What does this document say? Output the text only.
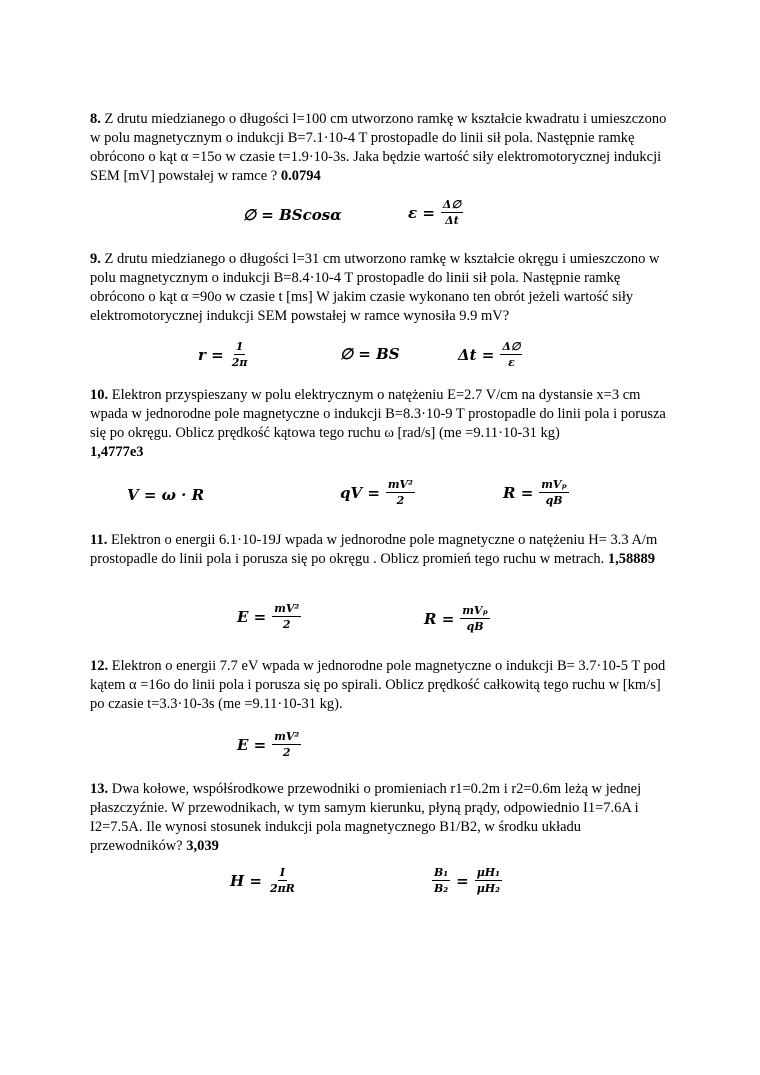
8. Z drutu miedzianego o długości l=100 cm utworzono ramkę w kształcie kwadratu i umieszczono w polu magnetycznym o indukcji B=7.1·10-4 T prostopadle do linii sił pola. Następnie ramkę obrócono o kąt α =15o w czasie t=1.9·10-3s. Jaka będzie wartość siły elektromotorycznej indukcji SEM [mV] powstałej w ramce ? 0.0794

∅ = BScosα	$\varepsilon = \frac{\Delta\emptyset}{\Delta t}$

9. Z drutu miedzianego o długości l=31 cm utworzono ramkę w kształcie okręgu i umieszczono w polu magnetycznym o indukcji B=8.4·10-4 T prostopadle do linii sił pola. Następnie ramkę obrócono o kąt α =90o w czasie t [ms] W jakim czasie wykonano ten obrót jeżeli wartość siły elektromotorycznej indukcji SEM powstałej w ramce wynosiła 9.9 mV?

$r = \frac{1}{2\pi}$	∅ = BS	$\Delta t = \frac{\Delta\emptyset}{\varepsilon}$

10. Elektron przyspieszany w polu elektrycznym o natężeniu E=2.7 V/cm na dystansie x=3 cm wpada w jednorodne pole magnetyczne o indukcji B=8.3·10-9 T prostopadle do linii pola i porusza się po okręgu. Oblicz prędkość kątowa tego ruchu ω [rad/s] (me =9.11·10-31 kg)
1,4777e3

V = ω · R	qV = $\frac{\text{mV²}}{2}$	$R = \frac{\text{mVₚ}}{qB}$

11. Elektron o energii 6.1·10-19J wpada w jednorodne pole magnetyczne o natężeniu H= 3.3 A/m prostopadle do linii pola i porusza się po okręgu . Oblicz promień tego ruchu w metrach. 1,58889

$E = \frac{\text{mV²}}{2}$	$R = \frac{\text{mVₚ}}{qB}$

12. Elektron o energii 7.7 eV wpada w jednorodne pole magnetyczne o indukcji B= 3.7·10-5 T pod kątem α =16o do linii pola i porusza się po spirali. Oblicz prędkość całkowitą tego ruchu w [km/s] po czasie t=3.3·10-3s (me =9.11·10-31 kg).

$E = \frac{\text{mV²}}{2}$

13. Dwa kołowe, współśrodkowe przewodniki o promieniach r1=0.2m i r2=0.6m leżą w jednej płaszczyźnie. W przewodnikach, w tym samym kierunku, płyną prądy, odpowiednio I1=7.6A i I2=7.5A. Ile wynosi stosunek indukcji pola magnetycznego B1/B2, w środku układu przewodników? 3,039

$H = \frac{I}{2\pi R}$	$\frac{\text{B₁}}{\text{B₂}} = \frac{\text{μH₁}}{\text{μH₂}}$
